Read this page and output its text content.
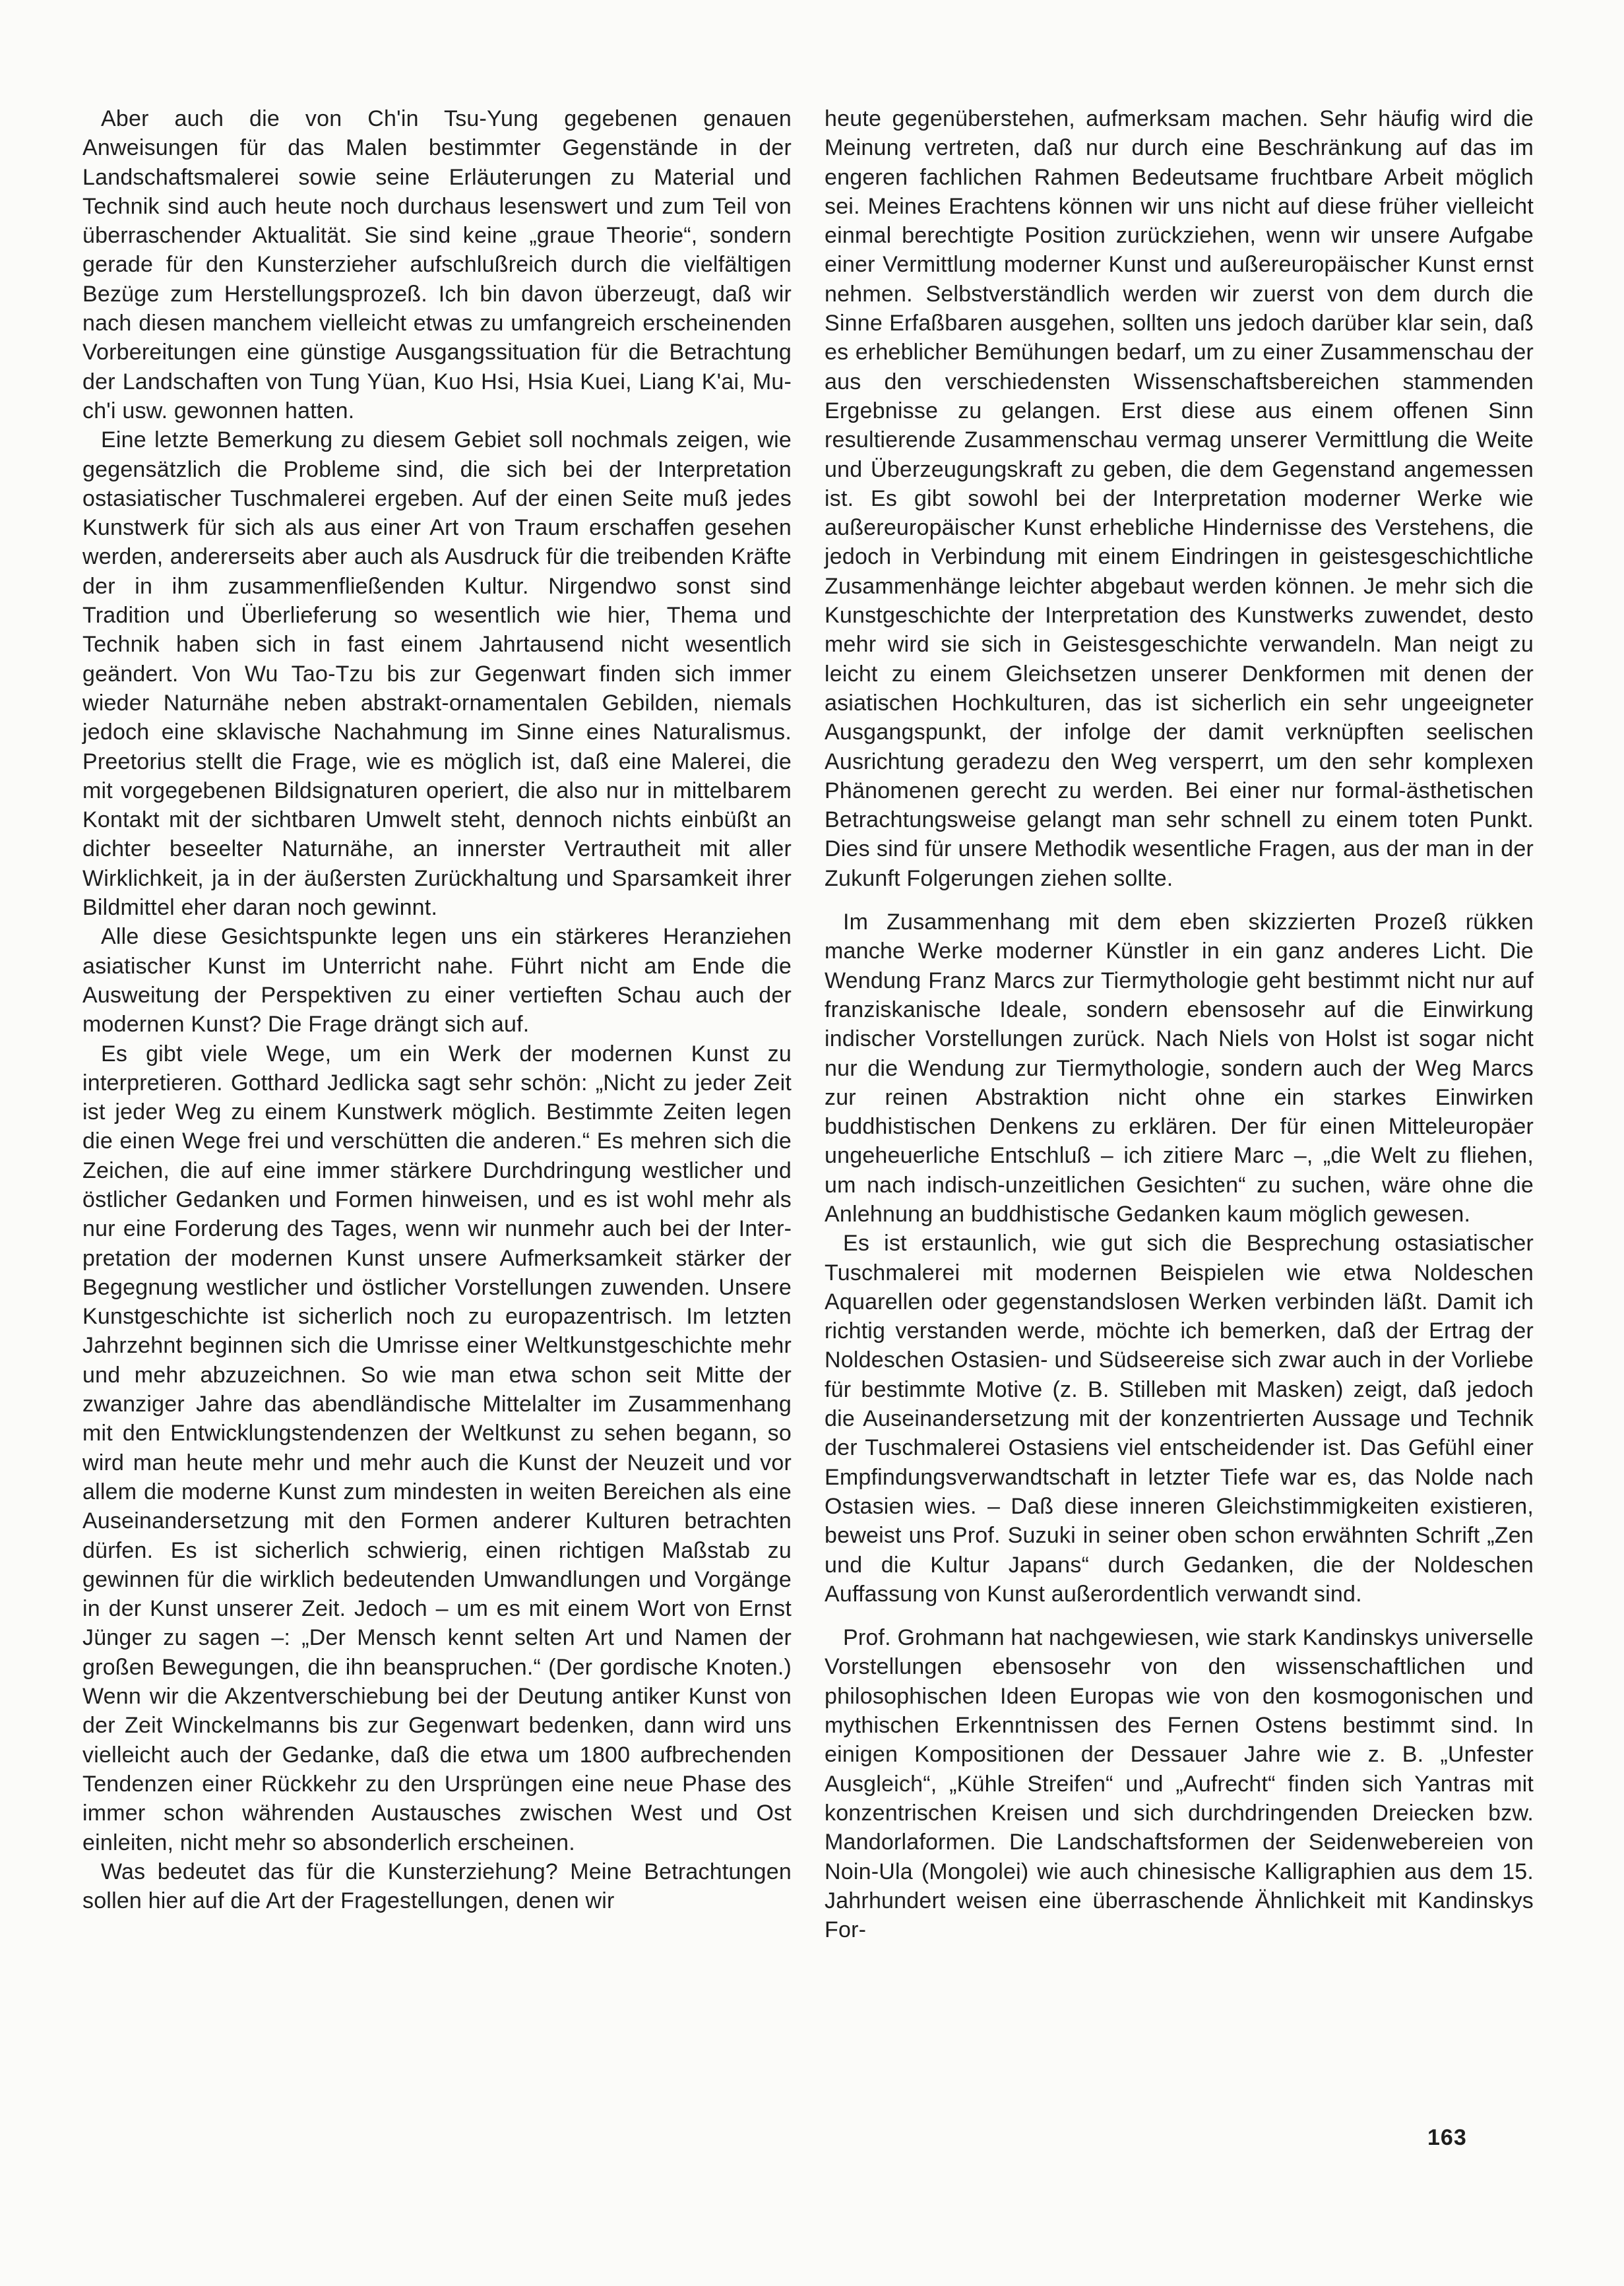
Aber auch die von Ch'in Tsu-Yung gegebenen genauen Anweisungen für das Malen bestimmter Gegenstände in der Landschaftsmalerei sowie seine Erläuterungen zu Material und Technik sind auch heute noch durchaus lesenswert und zum Teil von überraschender Aktualität. Sie sind keine „graue Theorie“, sondern gerade für den Kunsterzieher aufschlußreich durch die vielfältigen Bezüge zum Herstellungsprozeß. Ich bin davon überzeugt, daß wir nach diesen manchem vielleicht etwas zu umfangreich erscheinenden Vorbereitungen eine günstige Ausgangssituation für die Betrachtung der Landschaften von Tung Yüan, Kuo Hsi, Hsia Kuei, Liang K'ai, Mu-ch'i usw. gewonnen hatten.

Eine letzte Bemerkung zu diesem Gebiet soll nochmals zeigen, wie gegensätzlich die Probleme sind, die sich bei der Interpretation ostasiatischer Tuschmalerei ergeben. Auf der einen Seite muß jedes Kunstwerk für sich als aus einer Art von Traum erschaffen gesehen werden, andererseits aber auch als Ausdruck für die treibenden Kräfte der in ihm zusammenfließenden Kultur. Nirgendwo sonst sind Tradition und Überlieferung so wesentlich wie hier, Thema und Technik haben sich in fast einem Jahrtausend nicht wesentlich geändert. Von Wu Tao-Tzu bis zur Gegenwart finden sich immer wieder Naturnähe neben abstrakt-ornamentalen Gebilden, niemals jedoch eine sklavische Nachahmung im Sinne eines Naturalismus. Preetorius stellt die Frage, wie es möglich ist, daß eine Malerei, die mit vorgegebenen Bildsignaturen operiert, die also nur in mittelbarem Kontakt mit der sichtbaren Umwelt steht, dennoch nichts einbüßt an dichter beseelter Naturnähe, an innerster Vertrautheit mit aller Wirklichkeit, ja in der äußersten Zurückhaltung und Sparsamkeit ihrer Bildmittel eher daran noch gewinnt.

Alle diese Gesichtspunkte legen uns ein stärkeres Heranziehen asiatischer Kunst im Unterricht nahe. Führt nicht am Ende die Ausweitung der Perspektiven zu einer vertieften Schau auch der modernen Kunst? Die Frage drängt sich auf.

Es gibt viele Wege, um ein Werk der modernen Kunst zu interpretieren. Gotthard Jedlicka sagt sehr schön: „Nicht zu jeder Zeit ist jeder Weg zu einem Kunstwerk möglich. Bestimmte Zeiten legen die einen Wege frei und verschütten die anderen.“ Es mehren sich die Zeichen, die auf eine immer stärkere Durchdringung westlicher und östlicher Gedanken und Formen hinweisen, und es ist wohl mehr als nur eine Forderung des Tages, wenn wir nunmehr auch bei der Interpretation der modernen Kunst unsere Aufmerksamkeit stärker der Begegnung westlicher und östlicher Vorstellungen zuwenden. Unsere Kunstgeschichte ist sicherlich noch zu europazentrisch. Im letzten Jahrzehnt beginnen sich die Umrisse einer Weltkunstgeschichte mehr und mehr abzuzeichnen. So wie man etwa schon seit Mitte der zwanziger Jahre das abendländische Mittelalter im Zusammenhang mit den Entwicklungstendenzen der Weltkunst zu sehen begann, so wird man heute mehr und mehr auch die Kunst der Neuzeit und vor allem die moderne Kunst zum mindesten in weiten Bereichen als eine Auseinandersetzung mit den Formen anderer Kulturen betrachten dürfen. Es ist sicherlich schwierig, einen richtigen Maßstab zu gewinnen für die wirklich bedeutenden Umwandlungen und Vorgänge in der Kunst unserer Zeit. Jedoch – um es mit einem Wort von Ernst Jünger zu sagen –: „Der Mensch kennt selten Art und Namen der großen Bewegungen, die ihn beanspruchen.“ (Der gordische Knoten.) Wenn wir die Akzentverschiebung bei der Deutung antiker Kunst von der Zeit Winckelmanns bis zur Gegenwart bedenken, dann wird uns vielleicht auch der Gedanke, daß die etwa um 1800 aufbrechenden Tendenzen einer Rückkehr zu den Ursprüngen eine neue Phase des immer schon währenden Austausches zwischen West und Ost einleiten, nicht mehr so absonderlich erscheinen.

Was bedeutet das für die Kunsterziehung? Meine Betrachtungen sollen hier auf die Art der Fragestellungen, denen wir

heute gegenüberstehen, aufmerksam machen. Sehr häufig wird die Meinung vertreten, daß nur durch eine Beschränkung auf das im engeren fachlichen Rahmen Bedeutsame fruchtbare Arbeit möglich sei. Meines Erachtens können wir uns nicht auf diese früher vielleicht einmal berechtigte Position zurückziehen, wenn wir unsere Aufgabe einer Vermittlung moderner Kunst und außereuropäischer Kunst ernst nehmen. Selbstverständlich werden wir zuerst von dem durch die Sinne Erfaßbaren ausgehen, sollten uns jedoch darüber klar sein, daß es erheblicher Bemühungen bedarf, um zu einer Zusammenschau der aus den verschiedensten Wissenschaftsbereichen stammenden Ergebnisse zu gelangen. Erst diese aus einem offenen Sinn resultierende Zusammenschau vermag unserer Vermittlung die Weite und Überzeugungskraft zu geben, die dem Gegenstand angemessen ist. Es gibt sowohl bei der Interpretation moderner Werke wie außereuropäischer Kunst erhebliche Hindernisse des Verstehens, die jedoch in Verbindung mit einem Eindringen in geistesgeschichtliche Zusammenhänge leichter abgebaut werden können. Je mehr sich die Kunstgeschichte der Interpretation des Kunstwerks zuwendet, desto mehr wird sie sich in Geistesgeschichte verwandeln. Man neigt zu leicht zu einem Gleichsetzen unserer Denkformen mit denen der asiatischen Hochkulturen, das ist sicherlich ein sehr ungeeigneter Ausgangspunkt, der infolge der damit verknüpften seelischen Ausrichtung geradezu den Weg versperrt, um den sehr komplexen Phänomenen gerecht zu werden. Bei einer nur formal-ästhetischen Betrachtungsweise gelangt man sehr schnell zu einem toten Punkt. Dies sind für unsere Methodik wesentliche Fragen, aus der man in der Zukunft Folgerungen ziehen sollte.

Im Zusammenhang mit dem eben skizzierten Prozeß rükken manche Werke moderner Künstler in ein ganz anderes Licht. Die Wendung Franz Marcs zur Tiermythologie geht bestimmt nicht nur auf franziskanische Ideale, sondern ebensosehr auf die Einwirkung indischer Vorstellungen zurück. Nach Niels von Holst ist sogar nicht nur die Wendung zur Tiermythologie, sondern auch der Weg Marcs zur reinen Abstraktion nicht ohne ein starkes Einwirken buddhistischen Denkens zu erklären. Der für einen Mitteleuropäer ungeheuerliche Entschluß – ich zitiere Marc –, „die Welt zu fliehen, um nach indisch-unzeitlichen Gesichten“ zu suchen, wäre ohne die Anlehnung an buddhistische Gedanken kaum möglich gewesen.

Es ist erstaunlich, wie gut sich die Besprechung ostasiatischer Tuschmalerei mit modernen Beispielen wie etwa Noldeschen Aquarellen oder gegenstandslosen Werken verbinden läßt. Damit ich richtig verstanden werde, möchte ich bemerken, daß der Ertrag der Noldeschen Ostasien- und Südseereise sich zwar auch in der Vorliebe für bestimmte Motive (z. B. Stilleben mit Masken) zeigt, daß jedoch die Auseinandersetzung mit der konzentrierten Aussage und Technik der Tuschmalerei Ostasiens viel entscheidender ist. Das Gefühl einer Empfindungsverwandtschaft in letzter Tiefe war es, das Nolde nach Ostasien wies. – Daß diese inneren Gleichstimmigkeiten existieren, beweist uns Prof. Suzuki in seiner oben schon erwähnten Schrift „Zen und die Kultur Japans“ durch Gedanken, die der Noldeschen Auffassung von Kunst außerordentlich verwandt sind.

Prof. Grohmann hat nachgewiesen, wie stark Kandinskys universelle Vorstellungen ebensosehr von den wissenschaftlichen und philosophischen Ideen Europas wie von den kosmogonischen und mythischen Erkenntnissen des Fernen Ostens bestimmt sind. In einigen Kompositionen der Dessauer Jahre wie z. B. „Unfester Ausgleich“, „Kühle Streifen“ und „Aufrecht“ finden sich Yantras mit konzentrischen Kreisen und sich durchdringenden Dreiecken bzw. Mandorlaformen. Die Landschaftsformen der Seidenwebereien von Noin-Ula (Mongolei) wie auch chinesische Kalligraphien aus dem 15. Jahrhundert weisen eine überraschende Ähnlichkeit mit Kandinskys For-

163
